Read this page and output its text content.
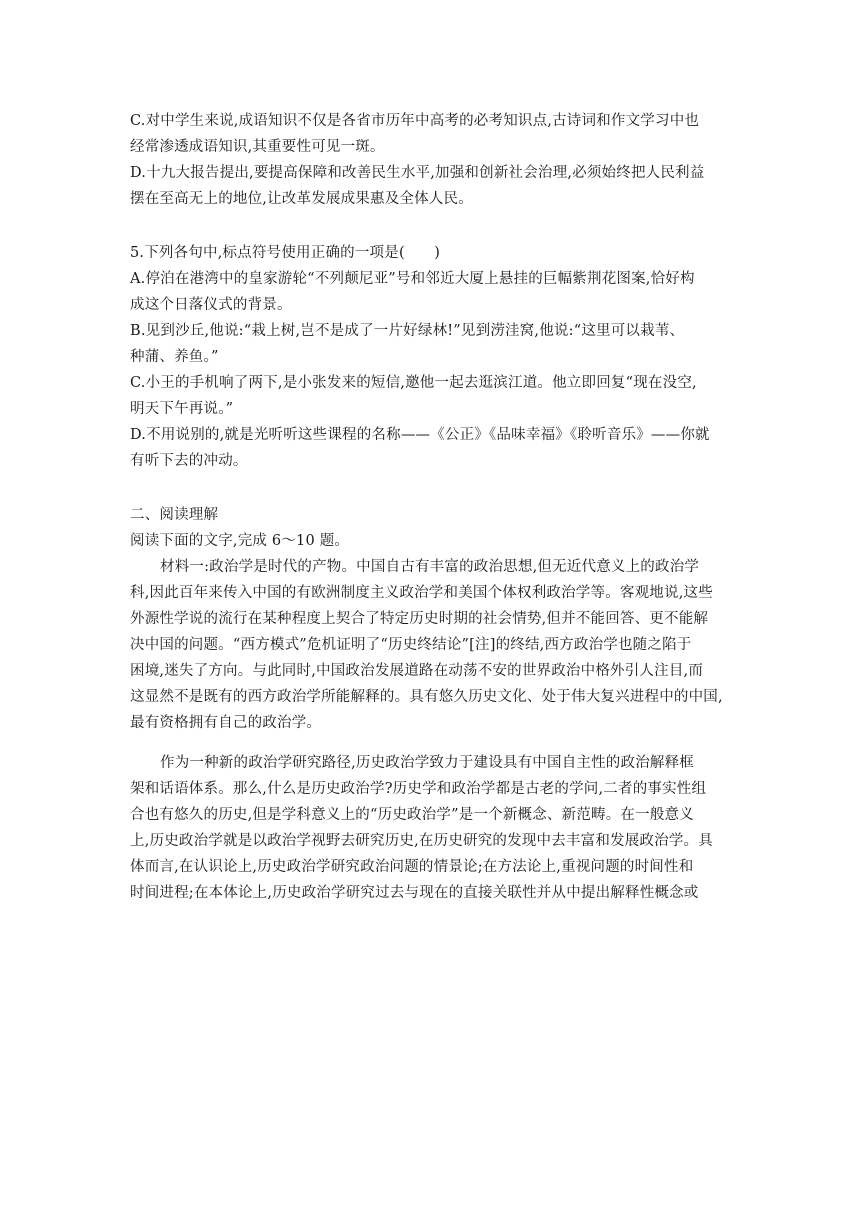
C.对中学生来说,成语知识不仅是各省市历年中高考的必考知识点,古诗词和作文学习中也
经常渗透成语知识,其重要性可见一斑。
D.十九大报告提出,要提高保障和改善民生水平,加强和创新社会治理,必须始终把人民利益
摆在至高无上的地位,让改革发展成果惠及全体人民。
5.下列各句中,标点符号使用正确的一项是(　　)
A.停泊在港湾中的皇家游轮“不列颠尼亚”号和邻近大厦上悬挂的巨幅紫荆花图案,恰好构
成这个日落仪式的背景。
B.见到沙丘,他说:“栽上树,岂不是成了一片好绿林!”见到涝洼窝,他说:“这里可以栽苇、
种蒲、养鱼。”
C.小王的手机响了两下,是小张发来的短信,邀他一起去逛滨江道。他立即回复“现在没空,
明天下午再说。”
D.不用说别的,就是光听听这些课程的名称——《公正》《品味幸福》《聆听音乐》——你就
有听下去的冲动。
二、阅读理解
阅读下面的文字,完成 6～10 题。
材料一:政治学是时代的产物。中国自古有丰富的政治思想,但无近代意义上的政治学
科,因此百年来传入中国的有欧洲制度主义政治学和美国个体权利政治学等。客观地说,这些
外源性学说的流行在某种程度上契合了特定历史时期的社会情势,但并不能回答、更不能解
决中国的问题。“西方模式”危机证明了“历史终结论”[注]的终结,西方政治学也随之陷于
困境,迷失了方向。与此同时,中国政治发展道路在动荡不安的世界政治中格外引人注目,而
这显然不是既有的西方政治学所能解释的。具有悠久历史文化、处于伟大复兴进程中的中国,
最有资格拥有自己的政治学。
作为一种新的政治学研究路径,历史政治学致力于建设具有中国自主性的政治解释框
架和话语体系。那么,什么是历史政治学?历史学和政治学都是古老的学问,二者的事实性组
合也有悠久的历史,但是学科意义上的“历史政治学”是一个新概念、新范畴。在一般意义
上,历史政治学就是以政治学视野去研究历史,在历史研究的发现中去丰富和发展政治学。具
体而言,在认识论上,历史政治学研究政治问题的情景论;在方法论上,重视问题的时间性和
时间进程;在本体论上,历史政治学研究过去与现在的直接关联性并从中提出解释性概念或
